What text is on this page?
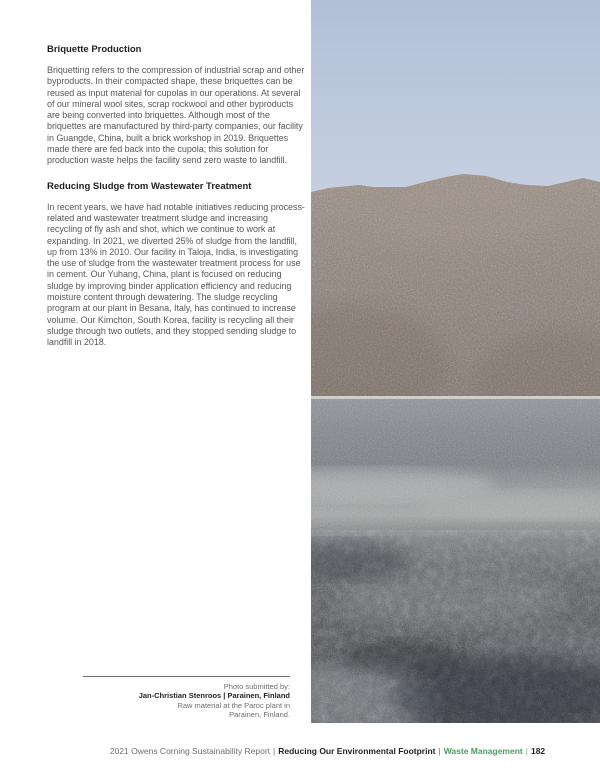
Briquette Production

Briquetting refers to the compression of industrial scrap and other byproducts. In their compacted shape, these briquettes can be reused as input material for cupolas in our operations. At several of our mineral wool sites, scrap rockwool and other byproducts are being converted into briquettes. Although most of the briquettes are manufactured by third-party companies, our facility in Guangde, China, built a brick workshop in 2019. Briquettes made there are fed back into the cupola; this solution for production waste helps the facility send zero waste to landfill.

Reducing Sludge from Wastewater Treatment

In recent years, we have had notable initiatives reducing process-related and wastewater treatment sludge and increasing recycling of fly ash and shot, which we continue to work at expanding. In 2021, we diverted 25% of sludge from the landfill, up from 13% in 2010. Our facility in Taloja, India, is investigating the use of sludge from the wastewater treatment process for use in cement. Our Yuhang, China, plant is focused on reducing sludge by improving binder application efficiency and reducing moisture content through dewatering. The sludge recycling program at our plant in Besana, Italy, has continued to increase volume. Our Kimchon, South Korea, facility is recycling all their sludge through two outlets, and they stopped sending sludge to landfill in 2018.

Photo submitted by:
Jan-Christian Stenroos | Parainen, Finland
Raw material at the Paroc plant in
Parainen, Finland.
2021 Owens Corning Sustainability Report | Reducing Our Environmental Footprint | Waste Management | 182
